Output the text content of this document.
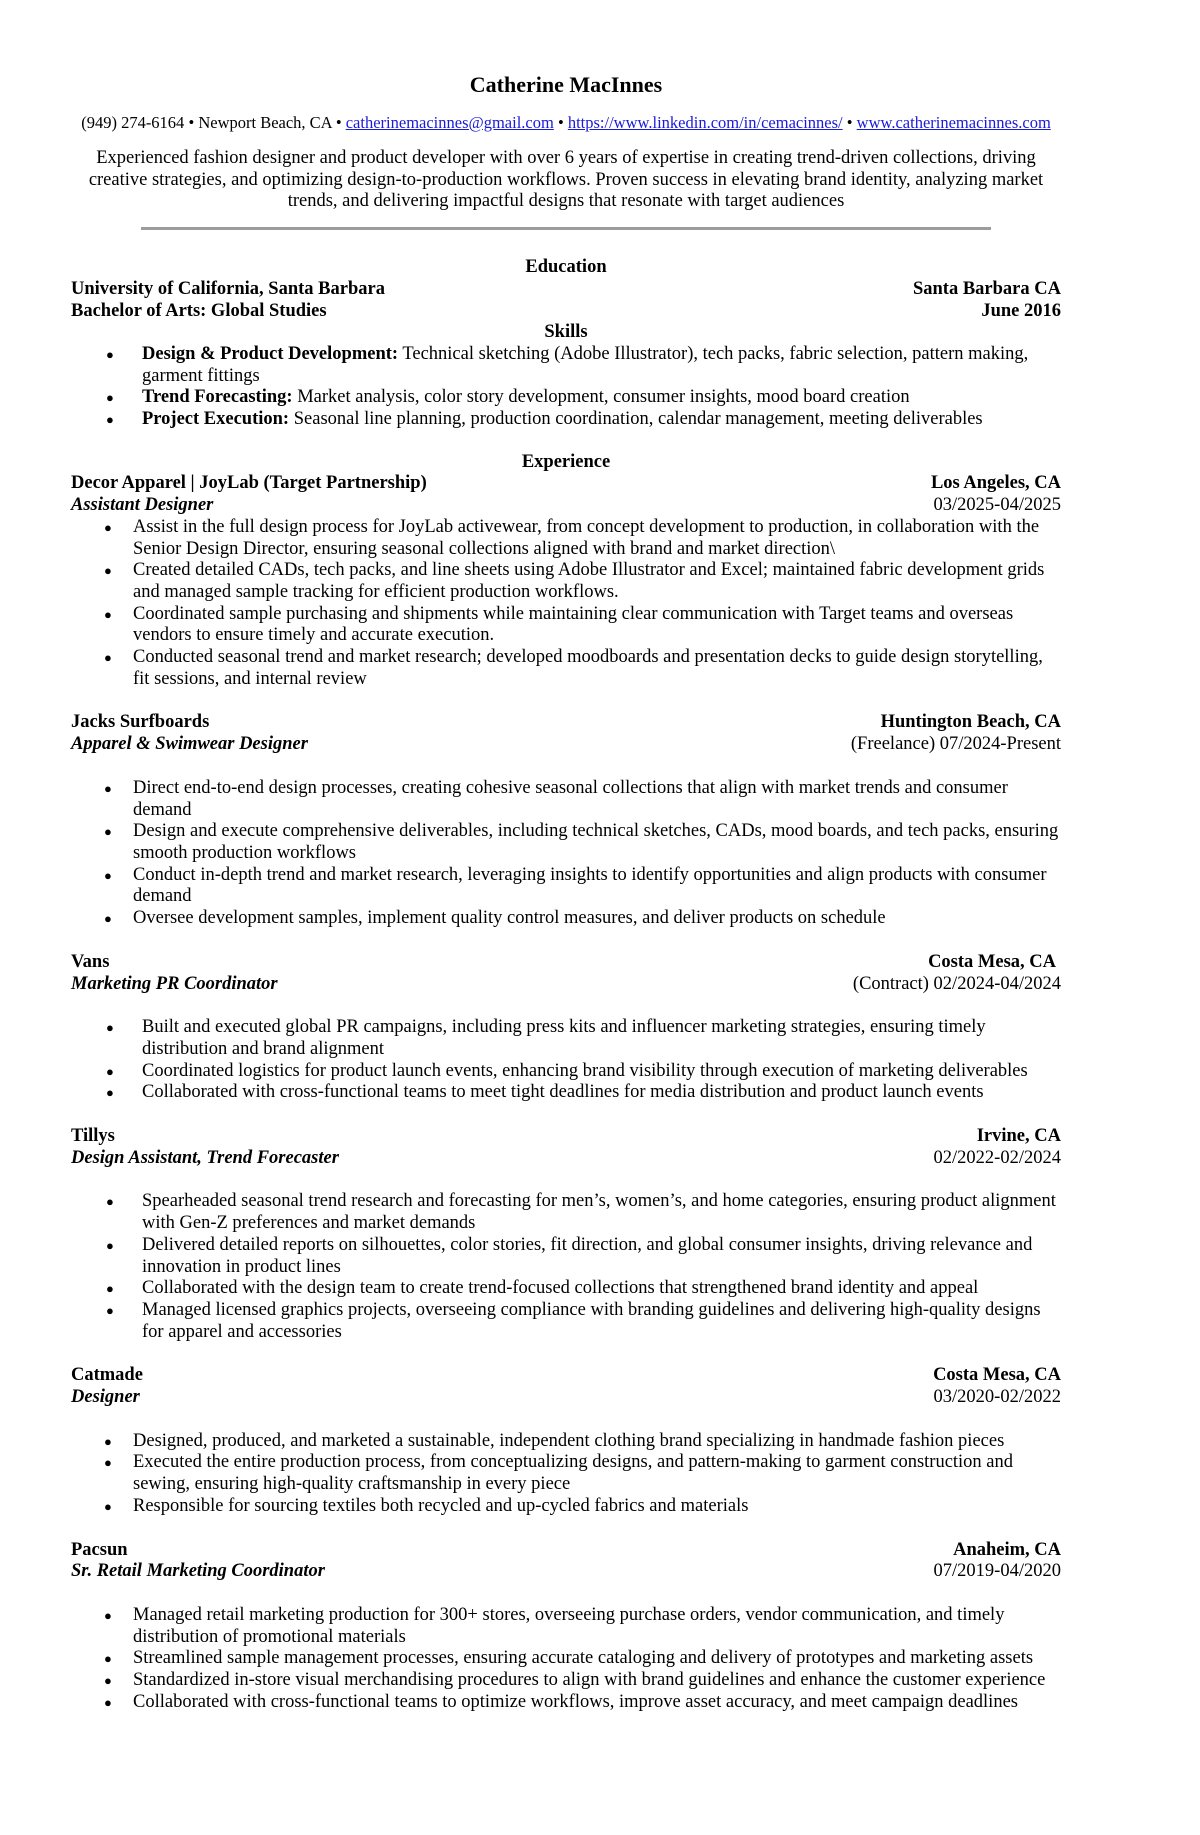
Catherine MacInnes
(949) 274-6164 • Newport Beach, CA • catherinemacinnes@gmail.com • https://www.linkedin.com/in/cemacinnes/ • www.catherinemacinnes.com

Experienced fashion designer and product developer with over 6 years of expertise in creating trend-driven collections, driving creative strategies, and optimizing design-to-production workflows. Proven success in elevating brand identity, analyzing market trends, and delivering impactful designs that resonate with target audiences

Education
University of California, Santa Barbara	Santa Barbara CA
Bachelor of Arts: Global Studies	June 2016
Skills
● Design & Product Development: Technical sketching (Adobe Illustrator), tech packs, fabric selection, pattern making, garment fittings
● Trend Forecasting: Market analysis, color story development, consumer insights, mood board creation
● Project Execution: Seasonal line planning, production coordination, calendar management, meeting deliverables
Experience
Decor Apparel | JoyLab (Target Partnership)	Los Angeles, CA
Assistant Designer	03/2025-04/2025
● Assist in the full design process for JoyLab activewear, from concept development to production, in collaboration with the Senior Design Director, ensuring seasonal collections aligned with brand and market direction\
● Created detailed CADs, tech packs, and line sheets using Adobe Illustrator and Excel; maintained fabric development grids and managed sample tracking for efficient production workflows.
● Coordinated sample purchasing and shipments while maintaining clear communication with Target teams and overseas vendors to ensure timely and accurate execution.
● Conducted seasonal trend and market research; developed moodboards and presentation decks to guide design storytelling, fit sessions, and internal review
Jacks Surfboards	Huntington Beach, CA
Apparel & Swimwear Designer	(Freelance) 07/2024-Present
● Direct end-to-end design processes, creating cohesive seasonal collections that align with market trends and consumer demand
● Design and execute comprehensive deliverables, including technical sketches, CADs, mood boards, and tech packs, ensuring smooth production workflows
● Conduct in-depth trend and market research, leveraging insights to identify opportunities and align products with consumer demand
● Oversee development samples, implement quality control measures, and deliver products on schedule
Vans	Costa Mesa, CA
Marketing PR Coordinator	(Contract) 02/2024-04/2024
● Built and executed global PR campaigns, including press kits and influencer marketing strategies, ensuring timely distribution and brand alignment
● Coordinated logistics for product launch events, enhancing brand visibility through execution of marketing deliverables
● Collaborated with cross-functional teams to meet tight deadlines for media distribution and product launch events
Tillys	Irvine, CA
Design Assistant, Trend Forecaster	02/2022-02/2024
● Spearheaded seasonal trend research and forecasting for men’s, women’s, and home categories, ensuring product alignment with Gen-Z preferences and market demands
● Delivered detailed reports on silhouettes, color stories, fit direction, and global consumer insights, driving relevance and innovation in product lines
● Collaborated with the design team to create trend-focused collections that strengthened brand identity and appeal
● Managed licensed graphics projects, overseeing compliance with branding guidelines and delivering high-quality designs for apparel and accessories
Catmade	Costa Mesa, CA
Designer	03/2020-02/2022
● Designed, produced, and marketed a sustainable, independent clothing brand specializing in handmade fashion pieces
● Executed the entire production process, from conceptualizing designs, and pattern-making to garment construction and sewing, ensuring high-quality craftsmanship in every piece
● Responsible for sourcing textiles both recycled and up-cycled fabrics and materials
Pacsun	Anaheim, CA
Sr. Retail Marketing Coordinator	07/2019-04/2020
● Managed retail marketing production for 300+ stores, overseeing purchase orders, vendor communication, and timely distribution of promotional materials
● Streamlined sample management processes, ensuring accurate cataloging and delivery of prototypes and marketing assets
● Standardized in-store visual merchandising procedures to align with brand guidelines and enhance the customer experience
● Collaborated with cross-functional teams to optimize workflows, improve asset accuracy, and meet campaign deadlines
